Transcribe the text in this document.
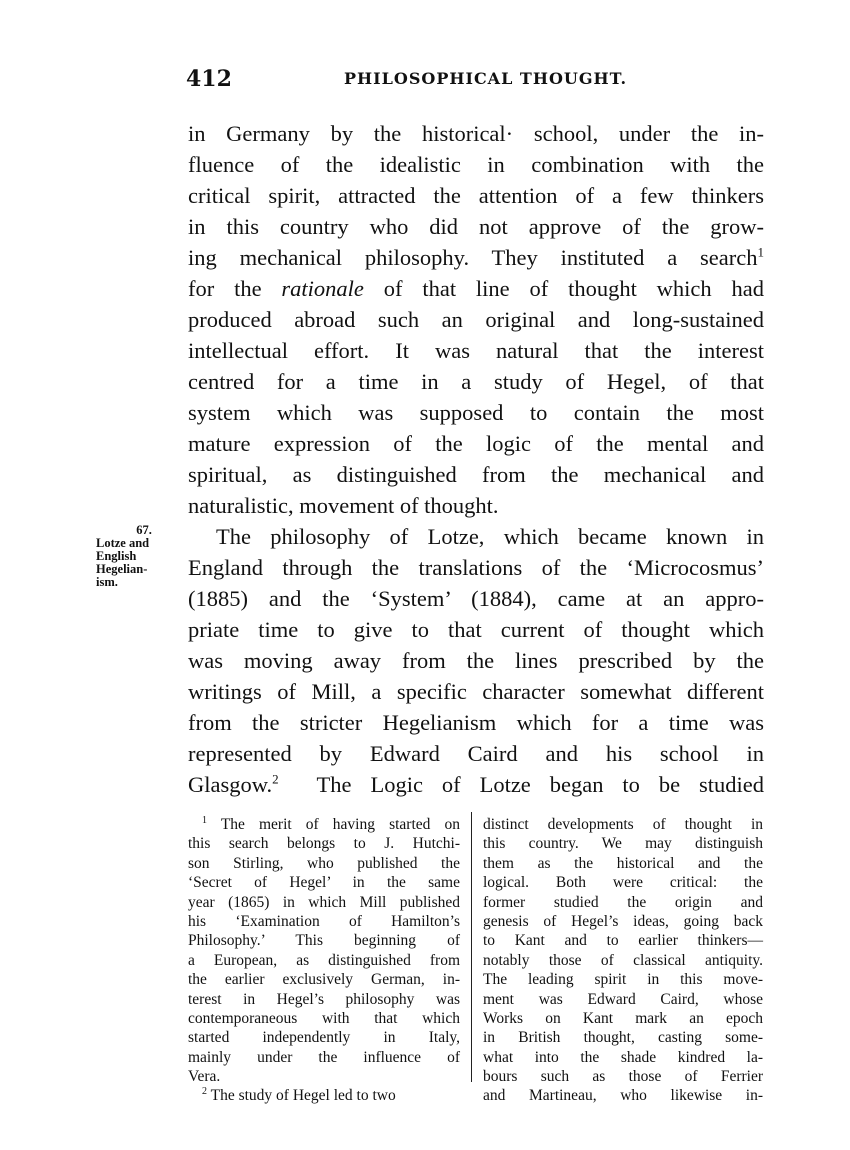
412	PHILOSOPHICAL THOUGHT.
in Germany by the historical· school, under the in-
fluence of the idealistic in combination with the
critical spirit, attracted the attention of a few thinkers
in this country who did not approve of the grow-
ing mechanical philosophy. They instituted a search$^1$
for the rationale of that line of thought which had
produced abroad such an original and long-sustained
intellectual effort. It was natural that the interest
centred for a time in a study of Hegel, of that
system which was supposed to contain the most
mature expression of the logic of the mental and
spiritual, as distinguished from the mechanical and
naturalistic, movement of thought.
The philosophy of Lotze, which became known in
England through the translations of the ‘Microcosmus’
(1885) and the ‘System’ (1884), came at an appro-
priate time to give to that current of thought which
was moving away from the lines prescribed by the
writings of Mill, a specific character somewhat different
from the stricter Hegelianism which for a time was
represented by Edward Caird and his school in
Glasgow.$^2$ The Logic of Lotze began to be studied
67.
Lotze and
English
Hegelian-
ism.
$^1$ The merit of having started on
this search belongs to J. Hutchi-
son Stirling, who published the
‘Secret of Hegel’ in the same
year (1865) in which Mill published
his ‘Examination of Hamilton’s
Philosophy.’ This beginning of
a European, as distinguished from
the earlier exclusively German, in-
terest in Hegel’s philosophy was
contemporaneous with that which
started independently in Italy,
mainly under the influence of
Vera.
$^2$ The study of Hegel led to two
distinct developments of thought in
this country. We may distinguish
them as the historical and the
logical. Both were critical: the
former studied the origin and
genesis of Hegel’s ideas, going back
to Kant and to earlier thinkers—
notably those of classical antiquity.
The leading spirit in this move-
ment was Edward Caird, whose
Works on Kant mark an epoch
in British thought, casting some-
what into the shade kindred la-
bours such as those of Ferrier
and Martineau, who likewise in-
